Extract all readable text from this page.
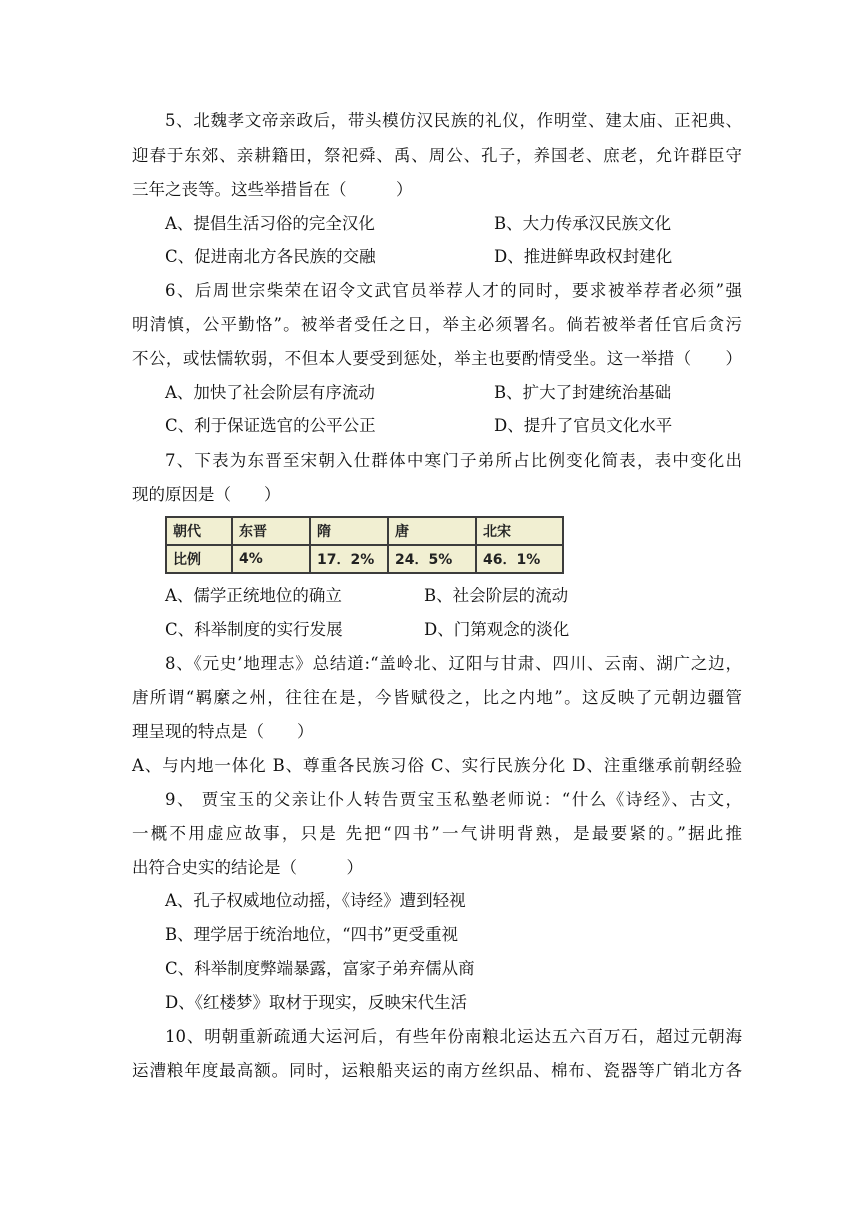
5、北魏孝文帝亲政后，带头模仿汉民族的礼仪，作明堂、建太庙、正祀典、
迎春于东郊、亲耕籍田，祭祀舜、禹、周公、孔子，养国老、庶老，允许群臣守
三年之丧等。这些举措旨在（　　　）
A、提倡生活习俗的完全汉化	B、大力传承汉民族文化
C、促进南北方各民族的交融	D、推进鲜卑政权封建化
6、后周世宗柴荣在诏令文武官员举荐人才的同时，要求被举荐者必须”强
明清慎，公平勤恪”。被举者受任之日，举主必须署名。倘若被举者任官后贪污
不公，或怯懦软弱，不但本人要受到惩处，举主也要酌情受坐。这一举措（　　）
A、加快了社会阶层有序流动	B、扩大了封建统治基础
C、利于保证选官的公平公正	D、提升了官员文化水平
7、下表为东晋至宋朝入仕群体中寒门子弟所占比例变化简表，表中变化出
现的原因是（　　）
朝代	东晋	隋	唐	北宋
比例	4%	17．2%	24．5%	46．1%
A、儒学正统地位的确立	B、社会阶层的流动
C、科举制度的实行发展	D、门第观念的淡化
8、《元史’地理志》总结道:“盖岭北、辽阳与甘肃、四川、云南、湖广之边，
唐所谓“羁縻之州，往往在是，今皆赋役之，比之内地”。这反映了元朝边疆管
理呈现的特点是（　　）
A、与内地一体化 B、尊重各民族习俗 C、实行民族分化 D、注重继承前朝经验
9、 贾宝玉的父亲让仆人转告贾宝玉私塾老师说：“什么《诗经》、古文，
一概不用虚应故事，只是 先把“四书”一气讲明背熟，是最要紧的。”据此推
出符合史实的结论是（　　　）
A、孔子权威地位动摇，《诗经》遭到轻视
B、理学居于统治地位，“四书”更受重视
C、科举制度弊端暴露，富家子弟弃儒从商
D、《红楼梦》取材于现实，反映宋代生活
10、明朝重新疏通大运河后，有些年份南粮北运达五六百万石，超过元朝海
运漕粮年度最高额。同时，运粮船夹运的南方丝织品、棉布、瓷器等广销北方各
